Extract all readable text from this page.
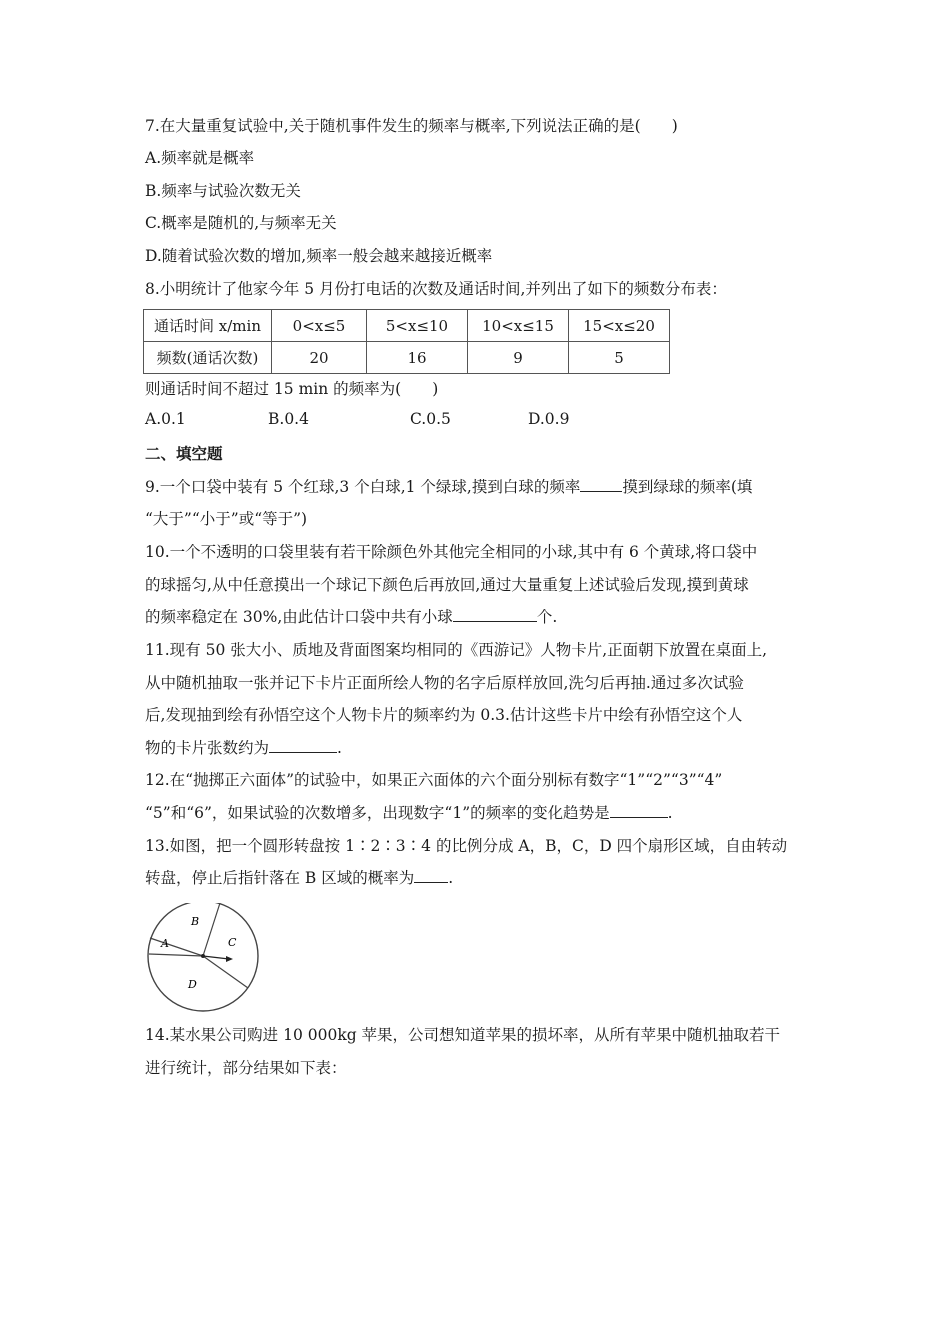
7.在大量重复试验中,关于随机事件发生的频率与概率,下列说法正确的是(　　)
A.频率就是概率
B.频率与试验次数无关
C.概率是随机的,与频率无关
D.随着试验次数的增加,频率一般会越来越接近概率
8.小明统计了他家今年 5 月份打电话的次数及通话时间,并列出了如下的频数分布表：
通话时间 x/min	0<x≤5	5<x≤10	10<x≤15	15<x≤20
频数(通话次数)	20	16	9	5
则通话时间不超过 15 min 的频率为(　　)
A.0.1	B.0.4	C.0.5	D.0.9
二、填空题
9.一个口袋中装有 5 个红球,3 个白球,1 个绿球,摸到白球的频率	摸到绿球的频率(填
“大于”“小于”或“等于”)
10.一个不透明的口袋里装有若干除颜色外其他完全相同的小球,其中有 6 个黄球,将口袋中
的球摇匀,从中任意摸出一个球记下颜色后再放回,通过大量重复上述试验后发现,摸到黄球
的频率稳定在 30%,由此估计口袋中共有小球	个.
11.现有 50 张大小、质地及背面图案均相同的《西游记》人物卡片,正面朝下放置在桌面上,
从中随机抽取一张并记下卡片正面所绘人物的名字后原样放回,洗匀后再抽.通过多次试验
后,发现抽到绘有孙悟空这个人物卡片的频率约为 0.3.估计这些卡片中绘有孙悟空这个人
物的卡片张数约为	.
12.在“抛掷正六面体”的试验中，如果正六面体的六个面分别标有数字“1”“2”“3”“4”
“5”和“6”，如果试验的次数增多，出现数字“1”的频率的变化趋势是	.
13.如图，把一个圆形转盘按 1∶2∶3∶4 的比例分成 A，B，C，D 四个扇形区域，自由转动
转盘，停止后指针落在 B 区域的概率为 .
A
B
C
D
14.某水果公司购进 10 000kg 苹果，公司想知道苹果的损坏率，从所有苹果中随机抽取若干
进行统计，部分结果如下表：
